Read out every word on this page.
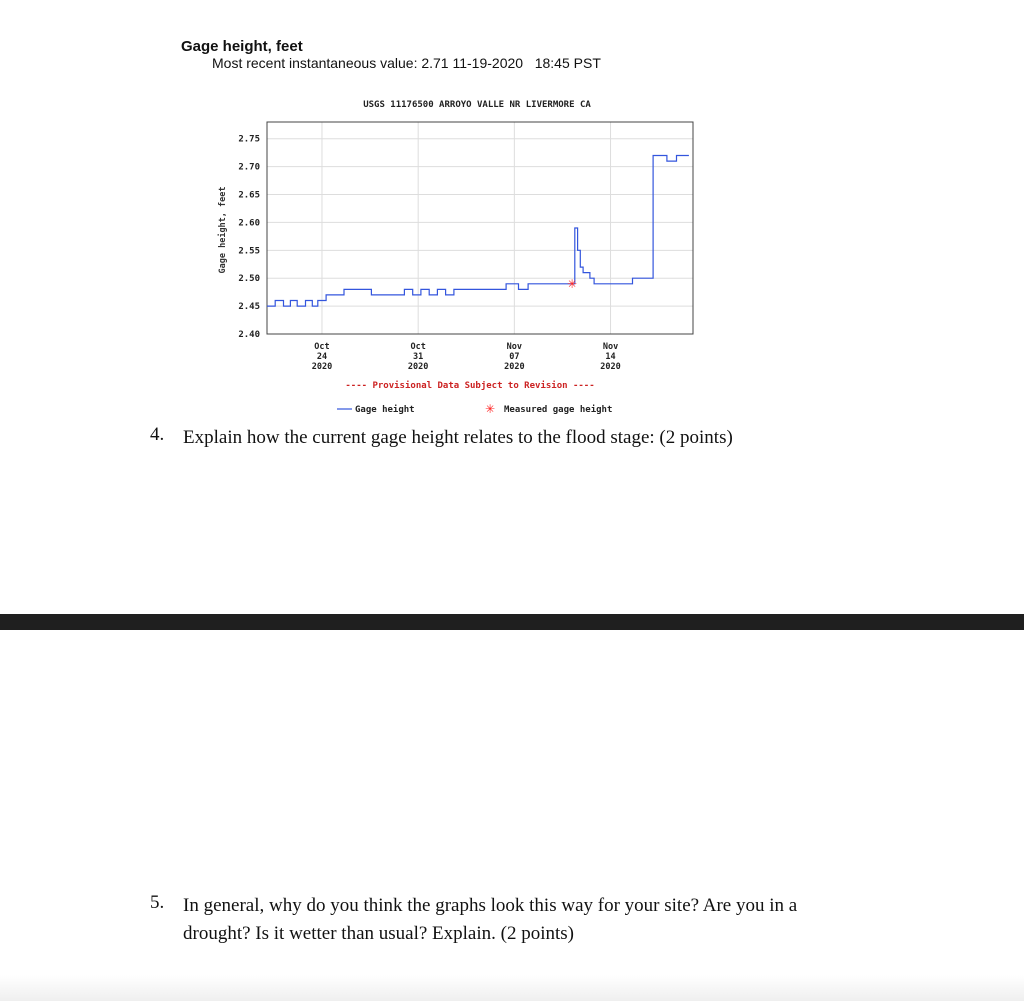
Gage height, feet
Most recent instantaneous value: 2.71 11-19-2020   18:45 PST
USGS 11176500 ARROYO VALLE NR LIVERMORE CA
2.75
2.70
2.65
2.60
2.55
2.50
2.45
2.40
Oct
24
2020
Oct
31
2020
Nov
07
2020
Nov
14
2020
Gage height, feet
✳
---- Provisional Data Subject to Revision ----
Gage height	✳ Measured gage height
4. Explain how the current gage height relates to the flood stage: (2 points)
5. In general, why do you think the graphs look this way for your site? Are you in a
drought? Is it wetter than usual? Explain. (2 points)
